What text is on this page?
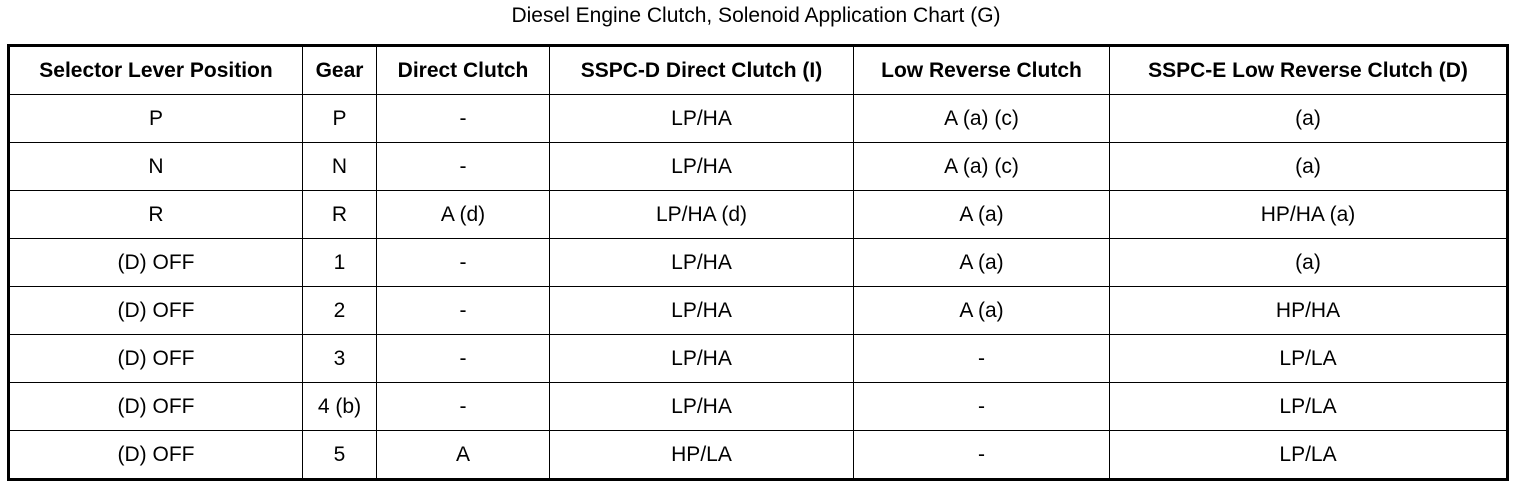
Diesel Engine Clutch, Solenoid Application Chart (G)
Selector Lever Position	Gear	Direct Clutch	SSPC-D Direct Clutch (I)	Low Reverse Clutch	SSPC-E Low Reverse Clutch (D)
P	P	-	LP/HA	A (a) (c)	(a)
N	N	-	LP/HA	A (a) (c)	(a)
R	R	A (d)	LP/HA (d)	A (a)	HP/HA (a)
(D) OFF	1	-	LP/HA	A (a)	(a)
(D) OFF	2	-	LP/HA	A (a)	HP/HA
(D) OFF	3	-	LP/HA	-	LP/LA
(D) OFF	4 (b)	-	LP/HA	-	LP/LA
(D) OFF	5	A	HP/LA	-	LP/LA
